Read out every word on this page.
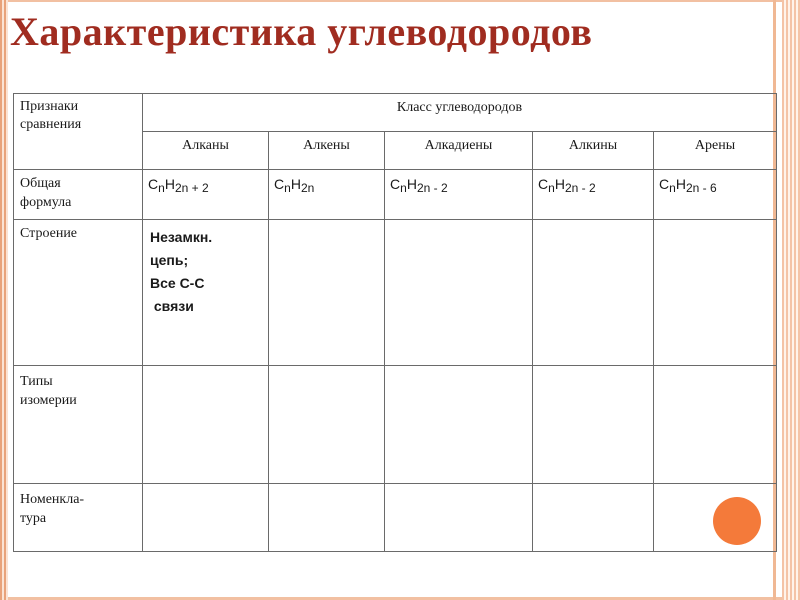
Характеристика углеводородов
Признаки
сравнения	Класс углеводородов				
	Алканы	Алкены	Алкадиены	Алкины	Арены

Общая
формула	$C_nH_{2n + 2}$	$C_nH_{2n}$	$C_nH_{2n - 2}$	$C_nH_{2n - 2}$	$C_nH_{2n - 6}$
Строение	Незамкн.
цепь;
Все С-С
связи				

Типы
изомерии					

Номенкла-
тура					
